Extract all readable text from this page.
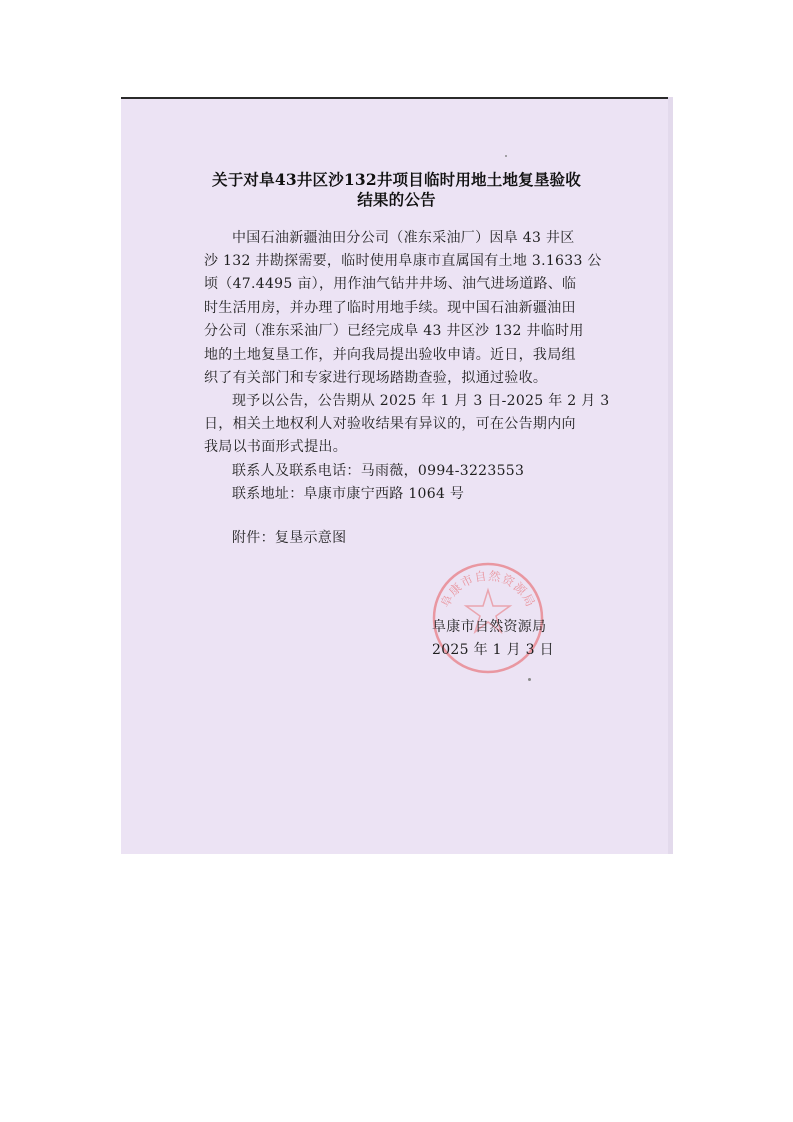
关于对阜43井区沙132井项目临时用地土地复垦验收
结果的公告
中国石油新疆油田分公司（准东采油厂）因阜 43 井区
沙 132 井勘探需要，临时使用阜康市直属国有土地 3.1633 公
顷（47.4495 亩），用作油气钻井井场、油气进场道路、临
时生活用房，并办理了临时用地手续。现中国石油新疆油田
分公司（准东采油厂）已经完成阜 43 井区沙 132 井临时用
地的土地复垦工作，并向我局提出验收申请。近日，我局组
织了有关部门和专家进行现场踏勘查验，拟通过验收。
现予以公告，公告期从 2025 年 1 月 3 日-2025 年 2 月 3
日，相关土地权利人对验收结果有异议的，可在公告期内向
我局以书面形式提出。
联系人及联系电话：马雨薇，0994-3223553
联系地址：阜康市康宁西路 1064 号
附件：复垦示意图
阜康市自然资源局
阜康市自然资源局
2025 年 1 月 3 日
